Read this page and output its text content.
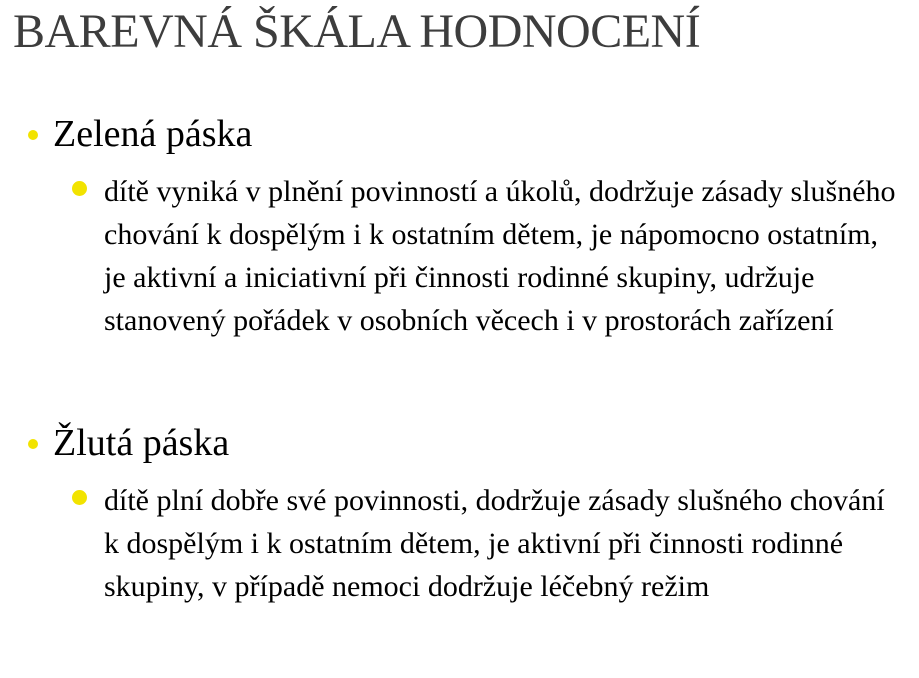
BAREVNÁ ŠKÁLA HODNOCENÍ
Zelená páska
dítě vyniká v plnění povinností a úkolů, dodržuje zásady slušného chování k dospělým i k ostatním dětem, je nápomocno ostatním, je aktivní a iniciativní při činnosti rodinné skupiny, udržuje stanovený pořádek v osobních věcech i v prostorách zařízení
Žlutá páska
dítě plní dobře své povinnosti, dodržuje zásady slušného chování k dospělým i k ostatním dětem, je aktivní při činnosti rodinné skupiny, v případě nemoci dodržuje léčebný režim
